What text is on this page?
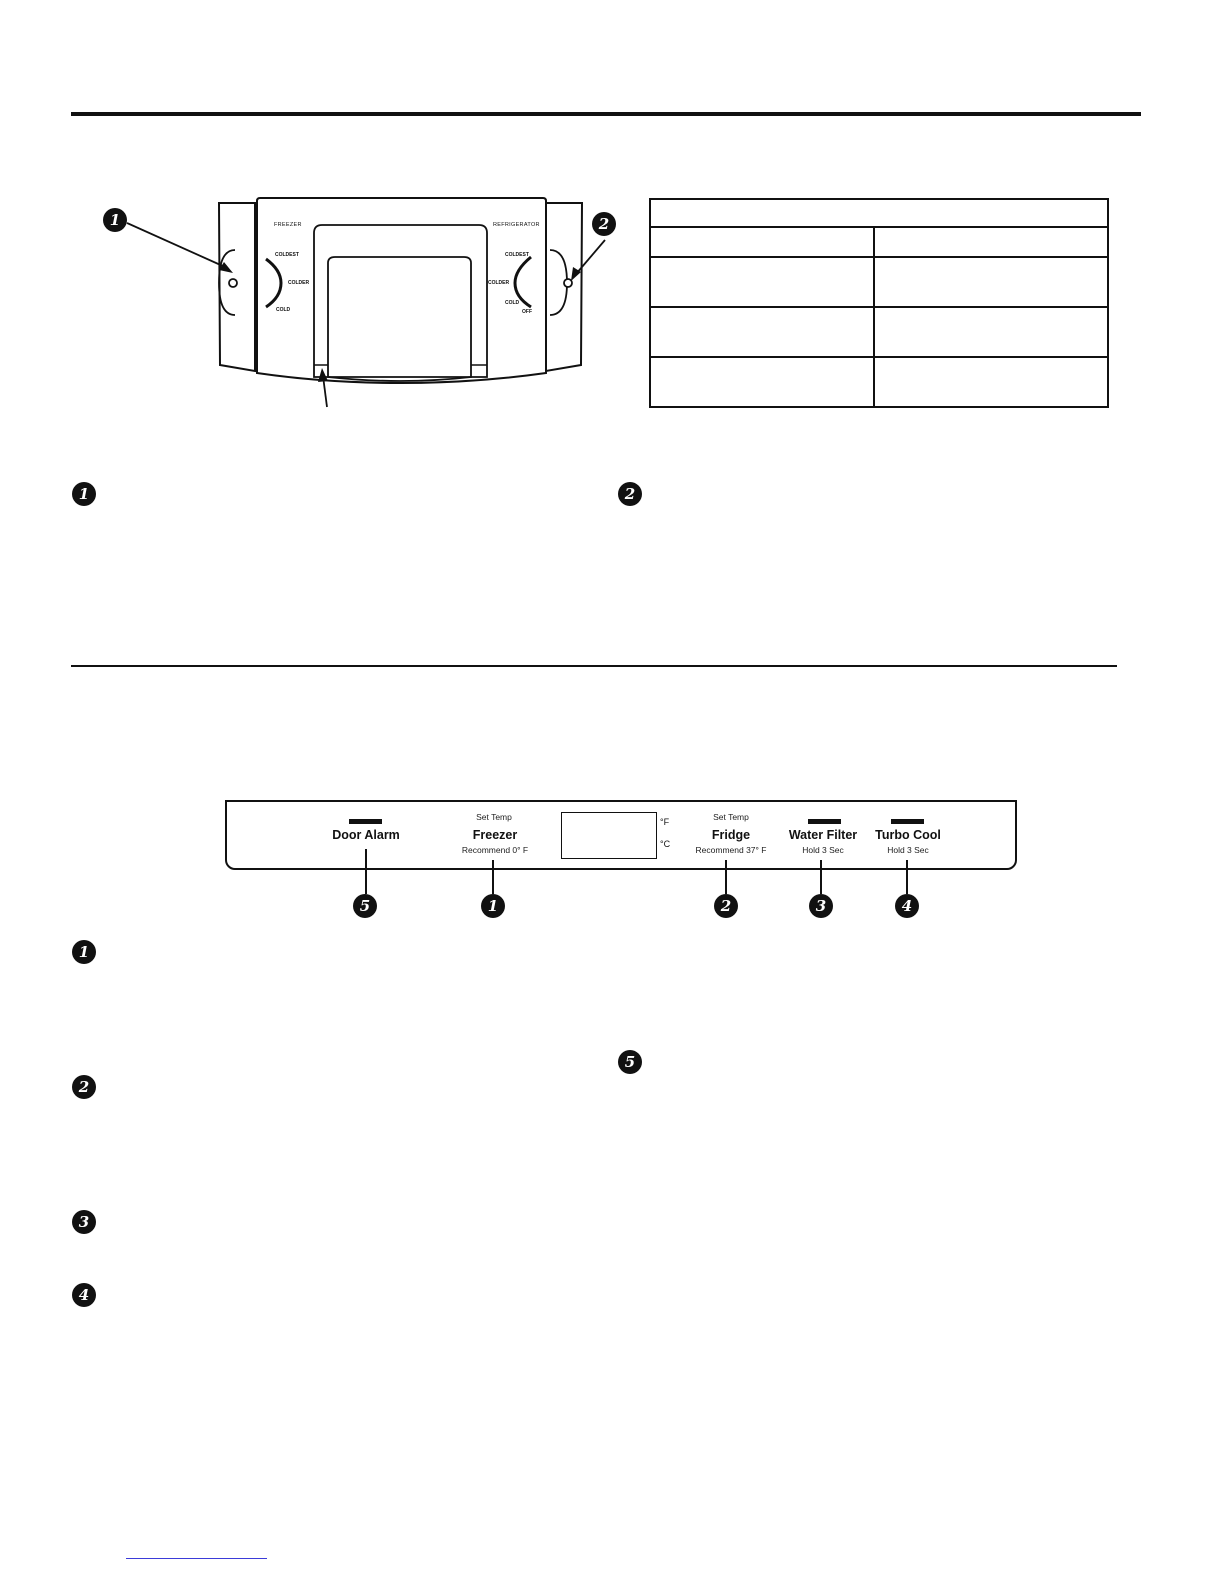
FREEZER	REFRIGERATOR
COLDEST
COLDER
COLD
COLDEST
COLDER
COLD
OFF
1	2
1	2
Door Alarm
Set Temp
Freezer
Recommend 0° F
°F
°C
Set Temp
Fridge
Recommend 37° F
Water Filter
Hold 3 Sec
Turbo Cool
Hold 3 Sec
5	1	2	3	4
1
2
3
4
5
